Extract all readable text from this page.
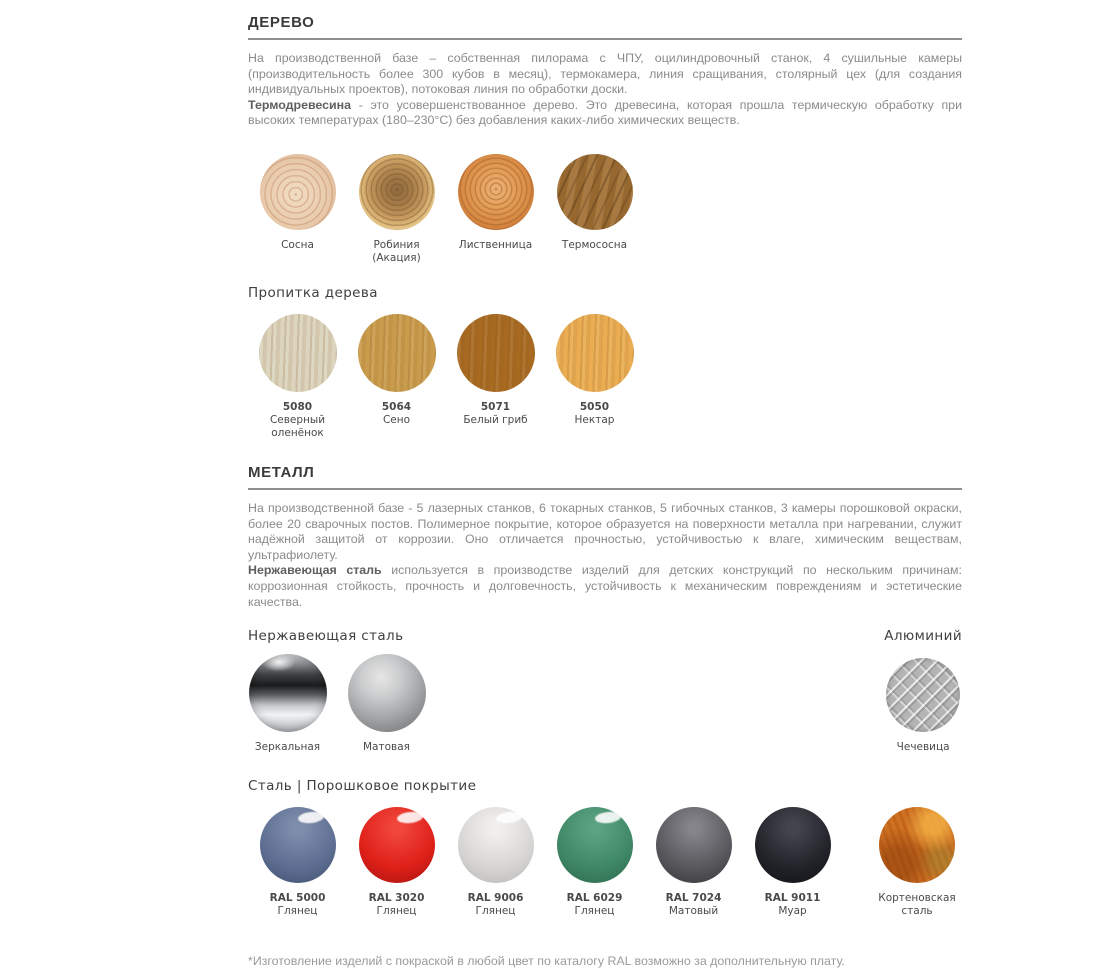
ДЕРЕВО

На производственной базе – собственная пилорама с ЧПУ, оцилиндровочный станок, 4 сушильные камеры (производительность более 300 кубов в месяц), термокамера, линия сращивания, столярный цех (для создания индивидуальных проектов), потоковая линия по обработки доски.
Термодревесина - это усовершенствованное дерево. Это древесина, которая прошла термическую обработку при высоких температурах (180–230°С) без добавления каких-либо химических веществ.

Сосна	Робиния (Акация)
Лиственница	Термососна
Пропитка дерева
5080
Северный оленёнок
5064
Сено
5071
Белый гриб
5050
Нектар
МЕТАЛЛ

На производственной базе - 5 лазерных станков, 6 токарных станков, 5 гибочных станков, 3 камеры порошковой окраски, более 20 сварочных постов. Полимерное покрытие, которое образуется на поверхности металла при нагревании, служит надёжной защитой от коррозии. Оно отличается прочностью, устойчивостью к влаге, химическим веществам, ультрафиолету.
Нержавеющая сталь используется в производстве изделий для детских конструкций по нескольким причинам: коррозионная стойкость, прочность и долговечность, устойчивость к механическим повреждениям и эстетические качества.

Нержавеющая сталь
Зеркальная	Матовая
Алюминий
Чечевица
Сталь | Порошковое покрытие
RAL 5000
Глянец
RAL 3020
Глянец
RAL 9006
Глянец
RAL 6029
Глянец
RAL 7024
Матовый
RAL 9011
Муар
Кортеновская сталь
*Изготовление изделий с покраской в любой цвет по каталогу RAL возможно за дополнительную плату.
